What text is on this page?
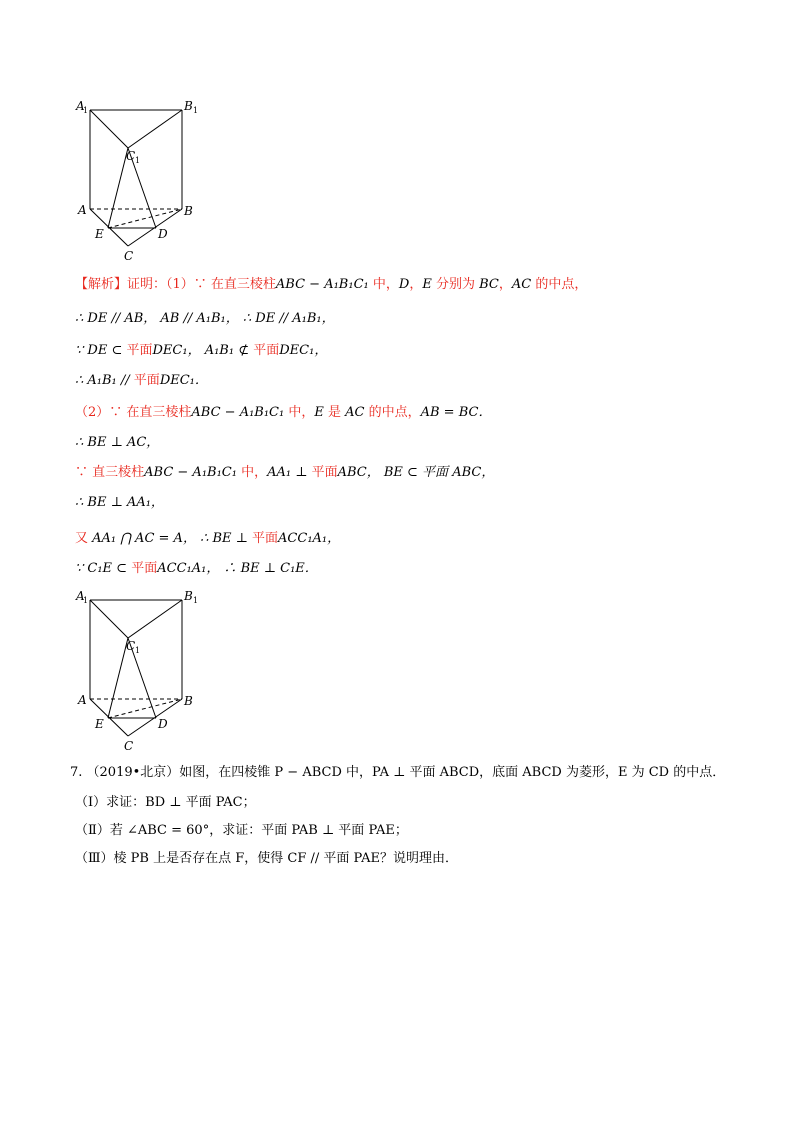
A
1	B 1
C 1
A	B
E	D
C
【解析】证明：（1）∵ 在直三棱柱ABC − A₁B₁C₁ 中，D，E 分别为 BC，AC 的中点，
∴ DE // AB， AB // A₁B₁， ∴ DE // A₁B₁，
∵ DE ⊂ 平面DEC₁， A₁B₁ ⊄ 平面DEC₁，
∴ A₁B₁ // 平面DEC₁．
（2）∵ 在直三棱柱ABC − A₁B₁C₁ 中，E 是 AC 的中点，AB = BC．
∴ BE ⊥ AC，
∵ 直三棱柱ABC − A₁B₁C₁ 中，AA₁ ⊥ 平面ABC， BE ⊂ 平面 ABC，
∴ BE ⊥ AA₁，
又 AA₁ ⋂ AC = A， ∴ BE ⊥ 平面ACC₁A₁，
∵ C₁E ⊂ 平面ACC₁A₁， ∴ BE ⊥ C₁E．
A
1	B 1
C 1
A	B
E	D
C
7. （2019•北京）如图，在四棱锥 P − ABCD 中，PA ⊥ 平面 ABCD，底面 ABCD 为菱形，E 为 CD 的中点．
（Ⅰ）求证：BD ⊥ 平面 PAC；
（Ⅱ）若 ∠ABC = 60°，求证：平面 PAB ⊥ 平面 PAE；
（Ⅲ）棱 PB 上是否存在点 F，使得 CF // 平面 PAE？说明理由．
